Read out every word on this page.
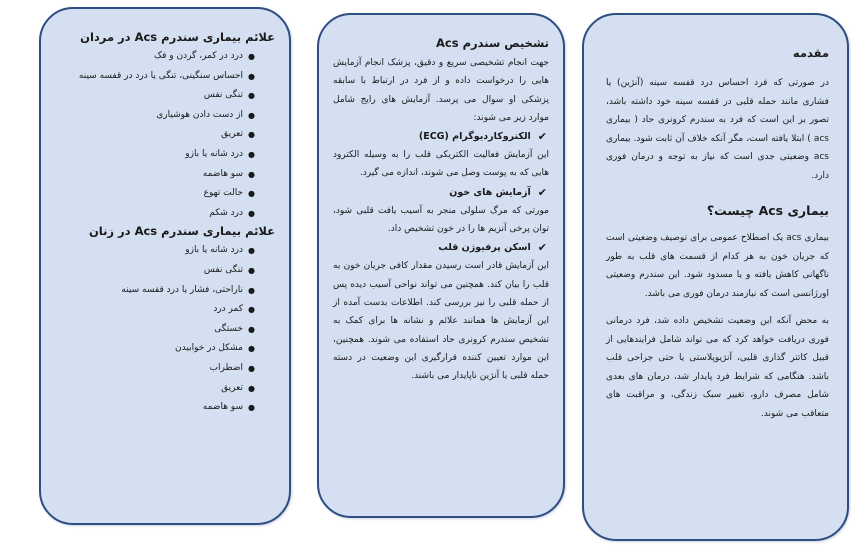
مقدمه

در صورتی که فرد احساس درد قفسه سینه (آنژین) یا فشاری مانند حمله قلبی در قفسه سینه خود داشته باشد، تصور بر این است که فرد به سندرم کرونری حاد ( بیماری acs ) ابتلا یافته است، مگر آنکه خلاف آن ثابت شود. بیماری acs وضعیتی جدی است که نیاز به توجه و درمان فوری دارد.

بیماری Acs چیست؟

بیماری acs یک اصطلاح عمومی برای توصیف وضعیتی است که جریان خون به هر کدام از قسمت های قلب به طور ناگهانی کاهش یافته و یا مسدود شود. این سندرم وضعیتی اورژانسی است که نیازمند درمان فوری می باشد.

به محض آنکه این وضعیت تشخیص داده شد، فرد درمانی فوری دریافت خواهد کرد که می تواند شامل فرایندهایی از قبیل کاتتر گذاری قلبی، آنژیوپلاستی یا حتی جراحی قلب باشد. هنگامی که شرایط فرد پایدار شد، درمان های بعدی شامل مصرف دارو، تغییر سبک زندگی، و مراقبت های متعاقب می شوند.

تشخیص سندرم Acs

جهت انجام تشخیصی سریع و دقیق، پزشک انجام آزمایش هایی را درخواست داده و از فرد در ارتباط با سابقه پزشکی او سوال می پرسد. آزمایش های رایج شامل موارد زیر می شوند:

✔
الکتروکاردیوگرام (ECG)

این آزمایش فعالیت الکتریکی قلب را به وسیله الکترود هایی که به پوست وصل می شوند، اندازه می گیرد.

✔
آزمایش های خون

مورتی که مرگ سلولی منجر به آسیب یافت قلبی شود، توان پرخی آنزیم ها را در خون تشخیص داد.

✔
اسکن پرفیوژن قلب

این آزمایش قادر است رسیدن مقدار کافی جریان خون به قلب را بیان کند. همچنین می تواند نواحی آسیب دیده پس از حمله قلبی را نیز بررسی کند. اطلاعات بدست آمده از این آزمایش ها همانند علائم و نشانه ها برای کمک به تشخیص سندرم کرونری حاد استفاده می شوند. همچنین، این موارد تعیین کننده قرارگیری این وضعیت در دسته حمله قلبی یا آنژین ناپایدار می باشند.

علائم بیماری سندرم Acs در مردان
●
درد در کمر، گردن و فک
●
احساس سنگینی، تنگی یا درد در قفسه سینه
●
تنگی نفس
●
از دست دادن هوشیاری
●
تعریق
●
درد شانه یا بازو
●
سو هاضمه
●
حالت تهوع
●
درد شکم
علائم بیماری سندرم Acs در زنان
●
درد شانه یا بازو
●
تنگی نفس
●
ناراحتی، فشار یا درد قفسه سینه
●
کمر درد
●
خستگی
●
مشکل در خوابیدن
●
اضطراب
●
تعریق
●
سو هاضمه
